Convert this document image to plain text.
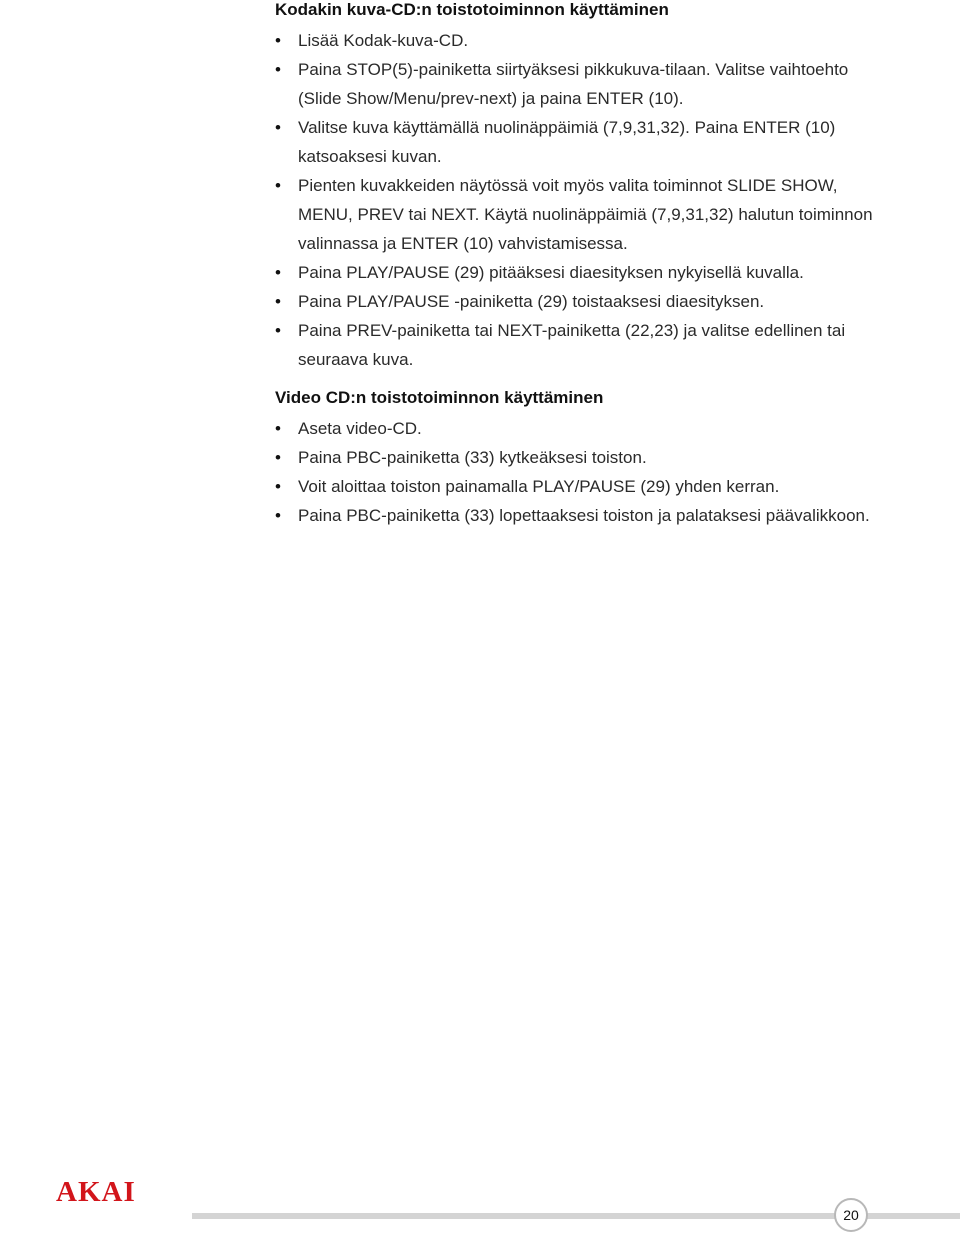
Kodakin kuva-CD:n toistotoiminnon käyttäminen
• Lisää Kodak-kuva-CD.
• Paina STOP(5)-painiketta siirtyäksesi pikkukuva-tilaan. Valitse vaihtoehto (Slide Show/Menu/prev-next) ja paina ENTER (10).
• Valitse kuva käyttämällä nuolinäppäimiä (7,9,31,32). Paina ENTER (10) katsoaksesi kuvan.
• Pienten kuvakkeiden näytössä voit myös valita toiminnot SLIDE SHOW, MENU, PREV tai NEXT. Käytä nuolinäppäimiä (7,9,31,32) halutun toiminnon valinnassa ja ENTER (10) vahvistamisessa.
• Paina PLAY/PAUSE (29) pitääksesi diaesityksen nykyisellä kuvalla.
• Paina PLAY/PAUSE -painiketta (29) toistaaksesi diaesityksen.
• Paina PREV-painiketta tai NEXT-painiketta (22,23) ja valitse edellinen tai seuraava kuva.
Video CD:n toistotoiminnon käyttäminen
• Aseta video-CD.
• Paina PBC-painiketta (33) kytkeäksesi toiston.
• Voit aloittaa toiston painamalla PLAY/PAUSE (29) yhden kerran.
• Paina PBC-painiketta (33) lopettaaksesi toiston ja palataksesi päävalikkoon.
AKAI
20
